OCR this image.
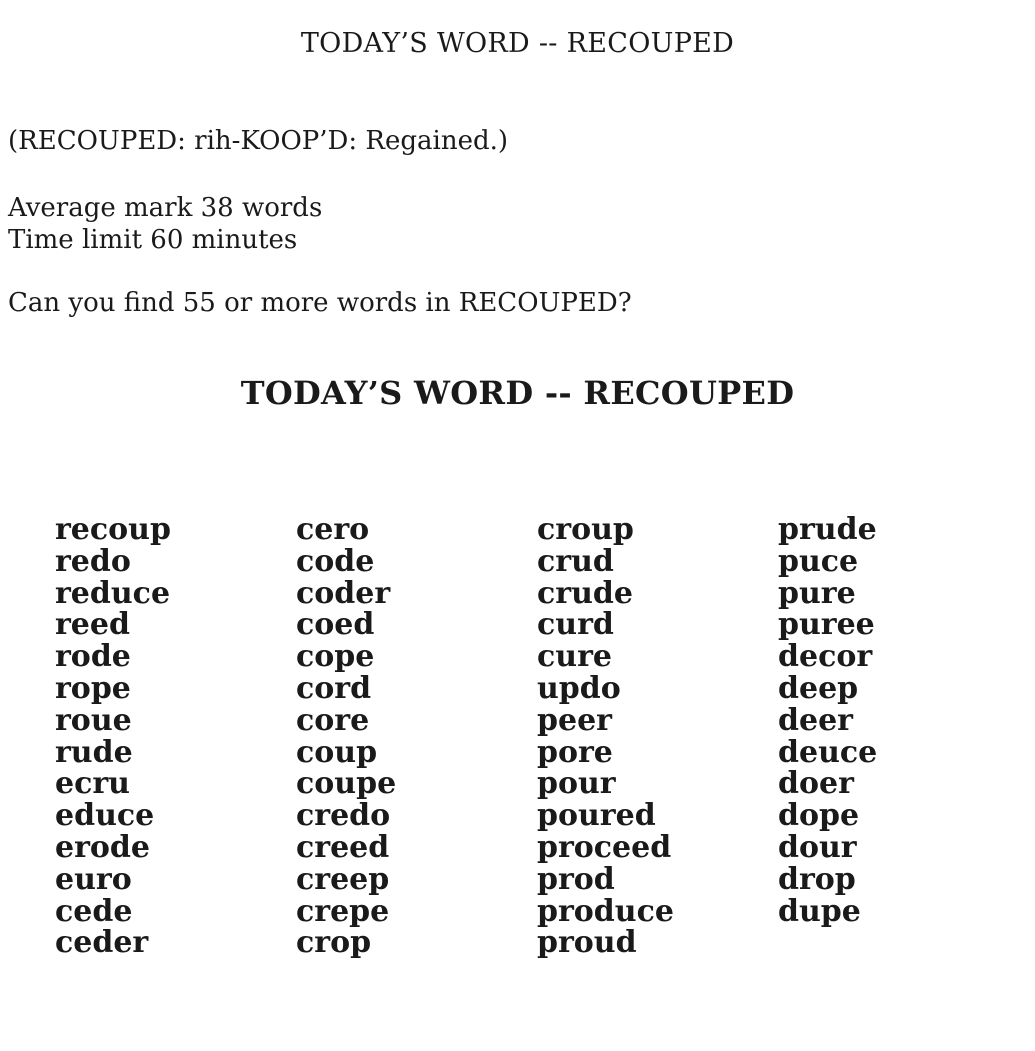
TODAY’S WORD -- RECOUPED
(RECOUPED: rih-KOOP’D: Regained.)
Average mark 38 words
Time limit 60 minutes
Can you find 55 or more words in RECOUPED?
TODAY’S WORD -- RECOUPED
recoup
redo
reduce
reed
rode
rope
roue
rude
ecru
educe
erode
euro
cede
ceder
cero
code
coder
coed
cope
cord
core
coup
coupe
credo
creed
creep
crepe
crop
croup
crud
crude
curd
cure
updo
peer
pore
pour
poured
proceed
prod
produce
proud
prude
puce
pure
puree
decor
deep
deer
deuce
doer
dope
dour
drop
dupe
